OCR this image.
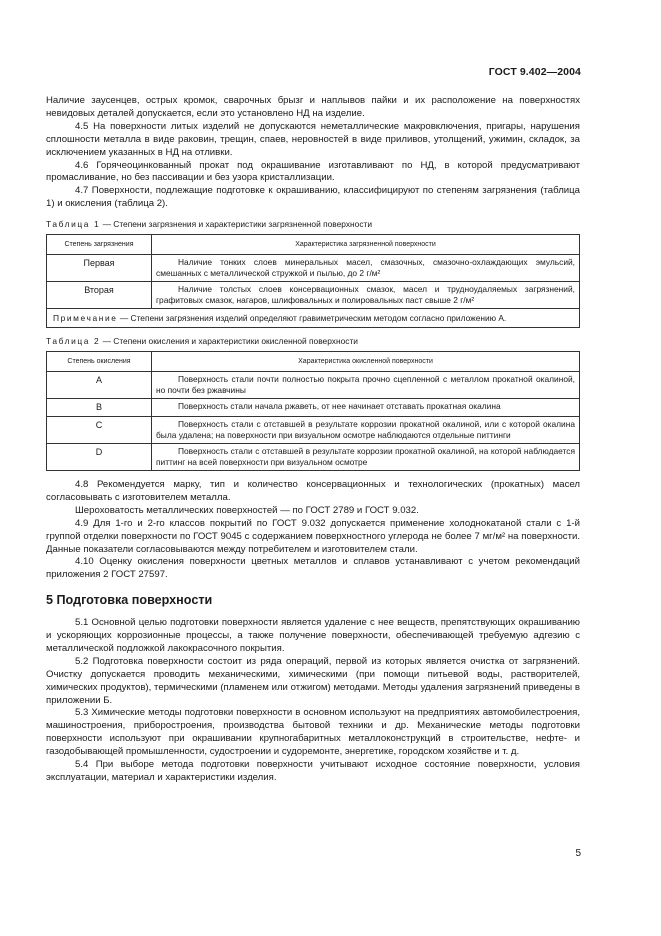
ГОСТ 9.402—2004

Наличие заусенцев, острых кромок, сварочных брызг и наплывов пайки и их расположение на поверхностях невидовых деталей допускается, если это установлено НД на изделие.

4.5 На поверхности литых изделий не допускаются неметаллические макровключения, пригары, нарушения сплошности металла в виде раковин, трещин, спаев, неровностей в виде приливов, утолщений, ужимин, складок, за исключением указанных в НД на отливки.

4.6 Горячеоцинкованный прокат под окрашивание изготавливают по НД, в которой предусматривают промасливание, но без пассивации и без узора кристаллизации.

4.7 Поверхности, подлежащие подготовке к окрашиванию, классифицируют по степеням загрязнения (таблица 1) и окисления (таблица 2).

Таблица 1 — Степени загрязнения и характеристики загрязненной поверхности
Степень загрязнения	Характеристика загрязненной поверхности
Первая	Наличие тонких слоев минеральных масел, смазочных, смазочно-охлаждающих эмульсий, смешанных с металлической стружкой и пылью, до 2 г/м²

Вторая	Наличие толстых слоев консервационных смазок, масел и трудноудаляемых загрязнений, графитовых смазок, нагаров, шлифовальных и полировальных паст свыше 2 г/м²

Примечание — Степени загрязнения изделий определяют гравиметрическим методом согласно приложению А.	
Таблица 2 — Степени окисления и характеристики окисленной поверхности
Степень окисления	Характеристика окисленной поверхности
A	Поверхность стали почти полностью покрыта прочно сцепленной с металлом прокатной окалиной, но почти без ржавчины

B	Поверхность стали начала ржаветь, от нее начинает отставать прокатная окалина

C	Поверхность стали с отставшей в результате коррозии прокатной окалиной, или с которой окалина была удалена; на поверхности при визуальном осмотре наблюдаются отдельные питтинги

D	Поверхность стали с отставшей в результате коррозии прокатной окалиной, на которой наблюдается питтинг на всей поверхности при визуальном осмотре

4.8 Рекомендуется марку, тип и количество консервационных и технологических (прокатных) масел согласовывать с изготовителем металла.

Шероховатость металлических поверхностей — по ГОСТ 2789 и ГОСТ 9.032.

4.9 Для 1-го и 2-го классов покрытий по ГОСТ 9.032 допускается применение холоднокатаной стали с 1-й группой отделки поверхности по ГОСТ 9045 с содержанием поверхностного углерода не более 7 мг/м² на поверхности. Данные показатели согласовываются между потребителем и изготовителем стали.

4.10 Оценку окисления поверхности цветных металлов и сплавов устанавливают с учетом рекомендаций приложения 2 ГОСТ 27597.

5 Подготовка поверхности

5.1 Основной целью подготовки поверхности является удаление с нее веществ, препятствующих окрашиванию и ускоряющих коррозионные процессы, а также получение поверхности, обеспечивающей требуемую адгезию с металлической подложкой лакокрасочного покрытия.

5.2 Подготовка поверхности состоит из ряда операций, первой из которых является очистка от загрязнений. Очистку допускается проводить механическими, химическими (при помощи питьевой воды, растворителей, химических продуктов), термическими (пламенем или отжигом) методами. Методы удаления загрязнений приведены в приложении Б.

5.3 Химические методы подготовки поверхности в основном используют на предприятиях автомобилестроения, машиностроения, приборостроения, производства бытовой техники и др. Механические методы подготовки поверхности используют при окрашивании крупногабаритных металлоконструкций в строительстве, нефте- и газодобывающей промышленности, судостроении и судоремонте, энергетике, городском хозяйстве и т. д.

5.4 При выборе метода подготовки поверхности учитывают исходное состояние поверхности, условия эксплуатации, материал и характеристики изделия.

5
